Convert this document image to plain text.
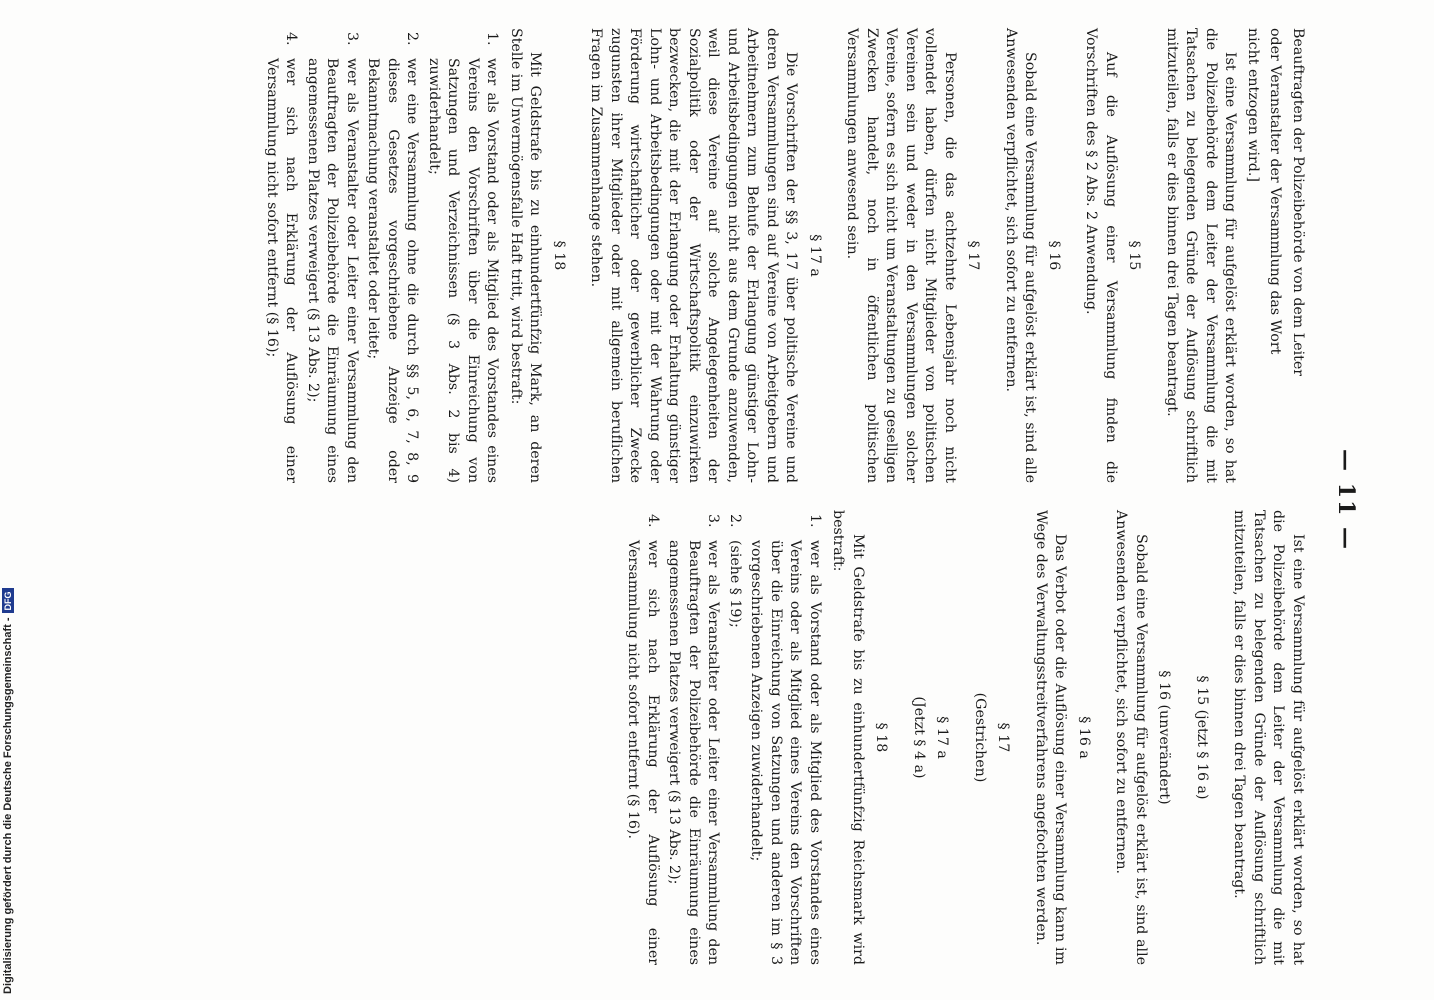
— 11 —
Beauftragten der Polizeibehörde von dem Leiter
oder Veranstalter der Versammlung das Wort
nicht entzogen wird.]

Ist eine Versammlung für aufgelöst erklärt worden, so hat die Polizeibehörde dem Leiter der Versammlung die mit Tatsachen zu belegenden Gründe der Auflösung schriftlich mitzuteilen, falls er dies binnen drei Tagen beantragt.

§ 15

Auf die Auflösung einer Versammlung finden die Vorschriften des § 2 Abs. 2 Anwendung.

§ 16

Sobald eine Versammlung für aufgelöst erklärt ist, sind alle Anwesenden verpflichtet, sich sofort zu entfernen.

§ 17

Personen, die das achtzehnte Lebensjahr noch nicht vollendet haben, dürfen nicht Mitglieder von politischen Vereinen sein und weder in den Versammlungen solcher Vereine, sofern es sich nicht um Veranstaltungen zu geselligen Zwecken handelt, noch in öffentlichen politischen Versammlungen anwesend sein.

§ 17 a

Die Vorschriften der §§ 3, 17 über politische Vereine und deren Versammlungen sind auf Vereine von Arbeitgebern und Arbeitnehmern zum Behufe der Erlangung günstiger Lohn- und Arbeitsbedingungen nicht aus dem Grunde anzuwenden, weil diese Vereine auf solche Angelegenheiten der Sozialpolitik oder der Wirtschaftspolitik einzuwirken bezwecken, die mit der Erlangung oder Erhaltung günstiger Lohn- und Arbeitsbedingungen oder mit der Wahrung oder Förderung wirtschaftlicher oder gewerblicher Zwecke zugunsten ihrer Mitglieder oder mit allgemein beruflichen Fragen im Zusammenhange stehen.

§ 18

Mit Geldstrafe bis zu einhundertfünfzig Mark, an deren Stelle im Unvermögensfalle Haft tritt, wird bestraft:

1.
wer als Vorstand oder als Mitglied des Vorstandes eines Vereins den Vorschriften über die Einreichung von Satzungen und Verzeichnissen (§ 3 Abs. 2 bis 4) zuwiderhandelt;
2.
wer eine Versammlung ohne die durch §§ 5, 6, 7, 8, 9 dieses Gesetzes vorgeschriebene Anzeige oder Bekanntmachung veranstaltet oder leitet;
3.
wer als Veranstalter oder Leiter einer Versammlung den Beauftragten der Polizeibehörde die Einräumung eines angemessenen Platzes verweigert (§ 13 Abs. 2);
4.
wer sich nach Erklärung der Auflösung einer Versammlung nicht sofort entfernt (§ 16);

Ist eine Versammlung für aufgelöst erklärt worden, so hat die Polizeibehörde dem Leiter der Versammlung die mit Tatsachen zu belegenden Gründe der Auflösung schriftlich mitzuteilen, falls er dies binnen drei Tagen beantragt.

§ 15 (jetzt § 16 a)
§ 16 (unverändert)

Sobald eine Versammlung für aufgelöst erklärt ist, sind alle Anwesenden verpflichtet, sich sofort zu entfernen.

§ 16 a

Das Verbot oder die Auflösung einer Versammlung kann im Wege des Verwaltungsstreitverfahrens angefochten werden.

§ 17
(Gestrichen)
§ 17 a
(Jetzt § 4 a)
§ 18

Mit Geldstrafe bis zu einhundertfünfzig Reichsmark wird bestraft:

1.
wer als Vorstand oder als Mitglied des Vorstandes eines Vereins oder als Mitglied eines Vereins den Vorschriften über die Einreichung von Satzungen und anderen im § 3 vorgeschriebenen Anzeigen zuwiderhandelt;
2.
(siehe § 19);
3.
wer als Veranstalter oder Leiter einer Versammlung den Beauftragten der Polizeibehörde die Einräumung eines angemessenen Platzes verweigert (§ 13 Abs. 2);
4.
wer sich nach Erklärung der Auflösung einer Versammlung nicht sofort entfernt (§ 16).
Digitalisierung gefördert durch die Deutsche Forschungsgemeinschaft -DFG
